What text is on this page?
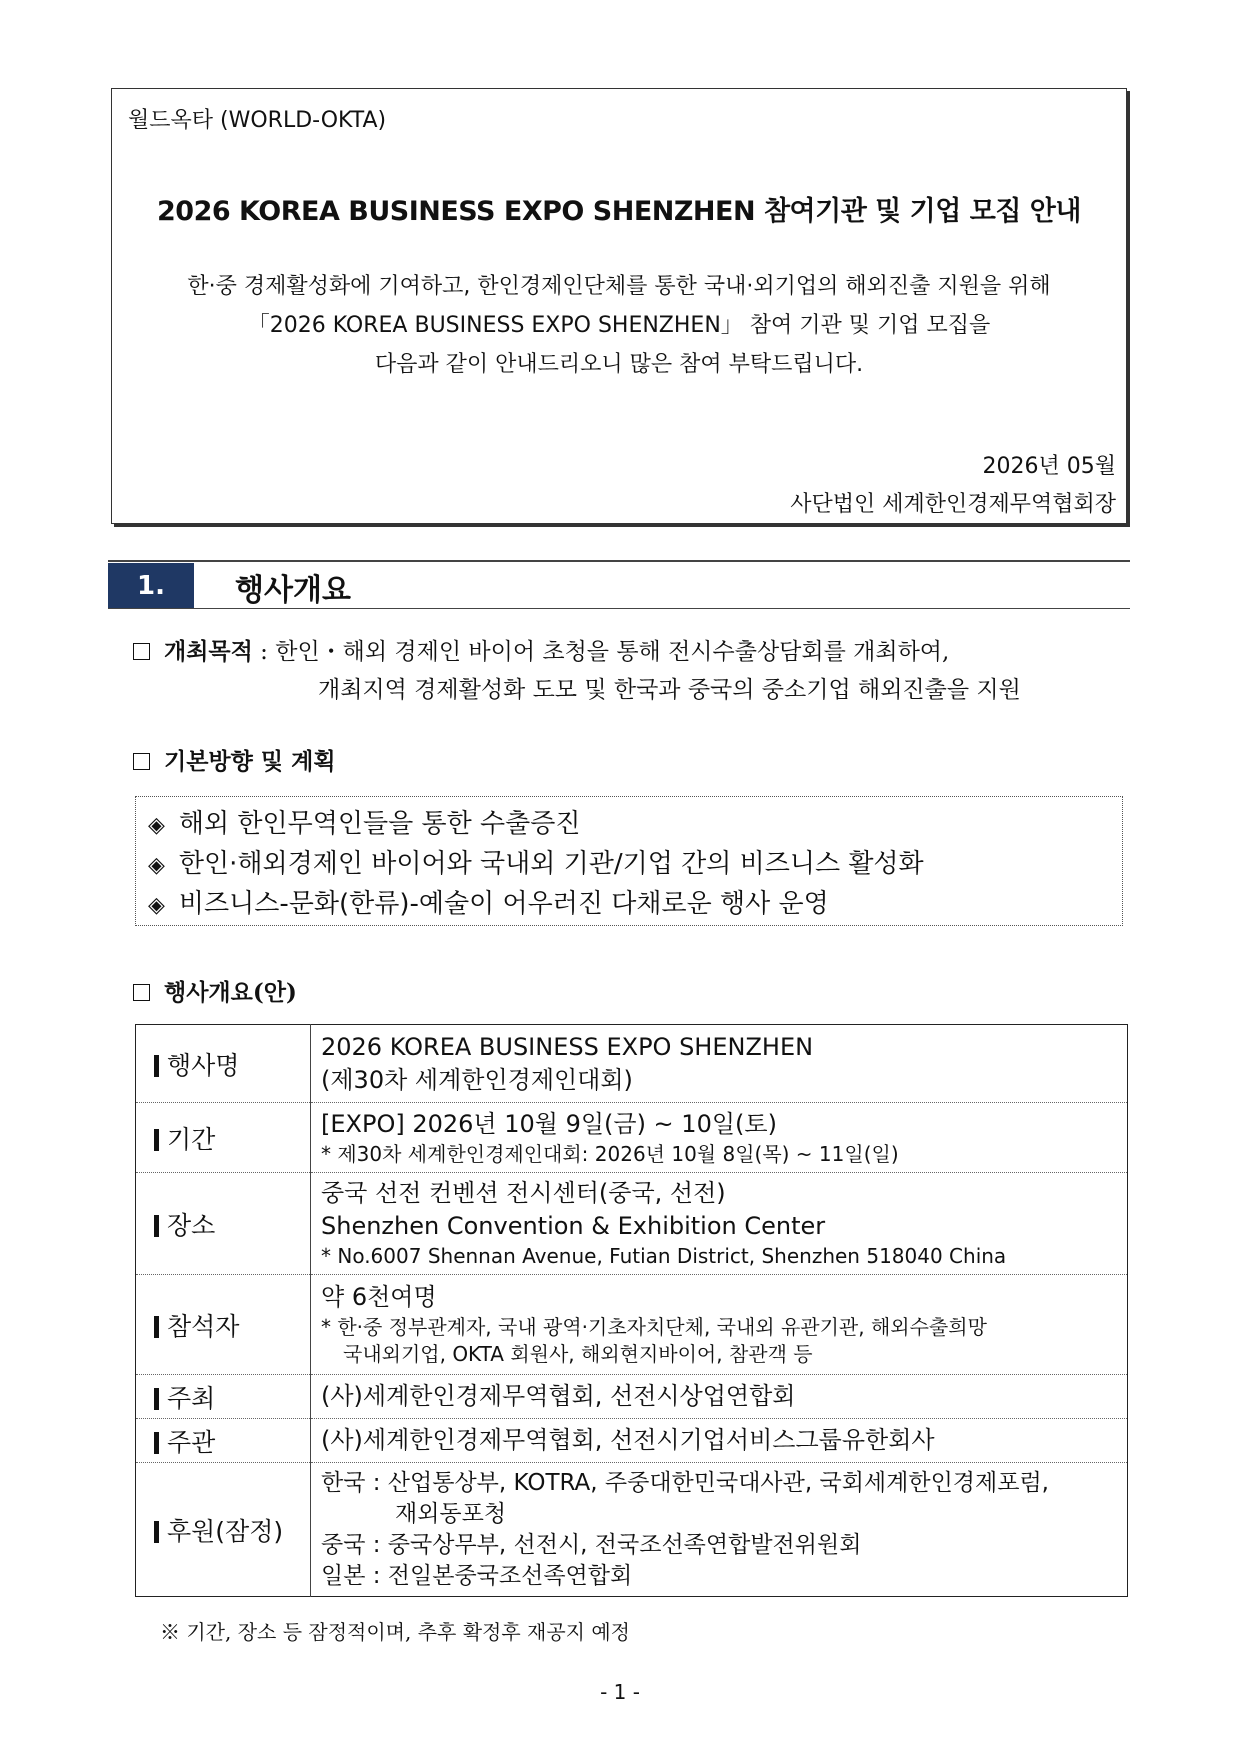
월드옥타 (WORLD-OKTA)
2026 KOREA BUSINESS EXPO SHENZHEN 참여기관 및 기업 모집 안내
한·중 경제활성화에 기여하고, 한인경제인단체를 통한 국내·외기업의 해외진출 지원을 위해
「2026 KOREA BUSINESS EXPO SHENZHEN」 참여 기관 및 기업 모집을
다음과 같이 안내드리오니 많은 참여 부탁드립니다.
2026년 05월
사단법인 세계한인경제무역협회장
1.	행사개요
개최목적 : 한인・해외 경제인 바이어 초청을 통해 전시수출상담회를 개최하여,
개최지역 경제활성화 도모 및 한국과 중국의 중소기업 해외진출을 지원
기본방향 및 계획
◈ 해외 한인무역인들을 통한 수출증진
◈ 한인·해외경제인 바이어와 국내외 기관/기업 간의 비즈니스 활성화
◈ 비즈니스-문화(한류)-예술이 어우러진 다채로운 행사 운영
행사개요(안)
행사명	2026 KOREA BUSINESS EXPO SHENZHEN
(제30차 세계한인경제인대회)

기간	[EXPO] 2026년 10월 9일(금) ~ 10일(토)
* 제30차 세계한인경제인대회: 2026년 10월 8일(목) ~ 11일(일)

장소	중국 선전 컨벤션 전시센터(중국, 선전)
Shenzhen Convention & Exhibition Center
* No.6007 Shennan Avenue, Futian District, Shenzhen 518040 China

참석자	약 6천여명
* 한·중 정부관계자, 국내 광역·기초자치단체, 국내외 유관기관, 해외수출희망
국내외기업, OKTA 회원사, 해외현지바이어, 참관객 등

주최	(사)세계한인경제무역협회, 선전시상업연합회
주관	(사)세계한인경제무역협회, 선전시기업서비스그룹유한회사
후원(잠정)	한국 : 산업통상부, KOTRA, 주중대한민국대사관, 국회세계한인경제포럼,
재외동포청
중국 : 중국상무부, 선전시, 전국조선족연합발전위원회
일본 : 전일본중국조선족연합회
※ 기간, 장소 등 잠정적이며, 추후 확정후 재공지 예정
- 1 -
